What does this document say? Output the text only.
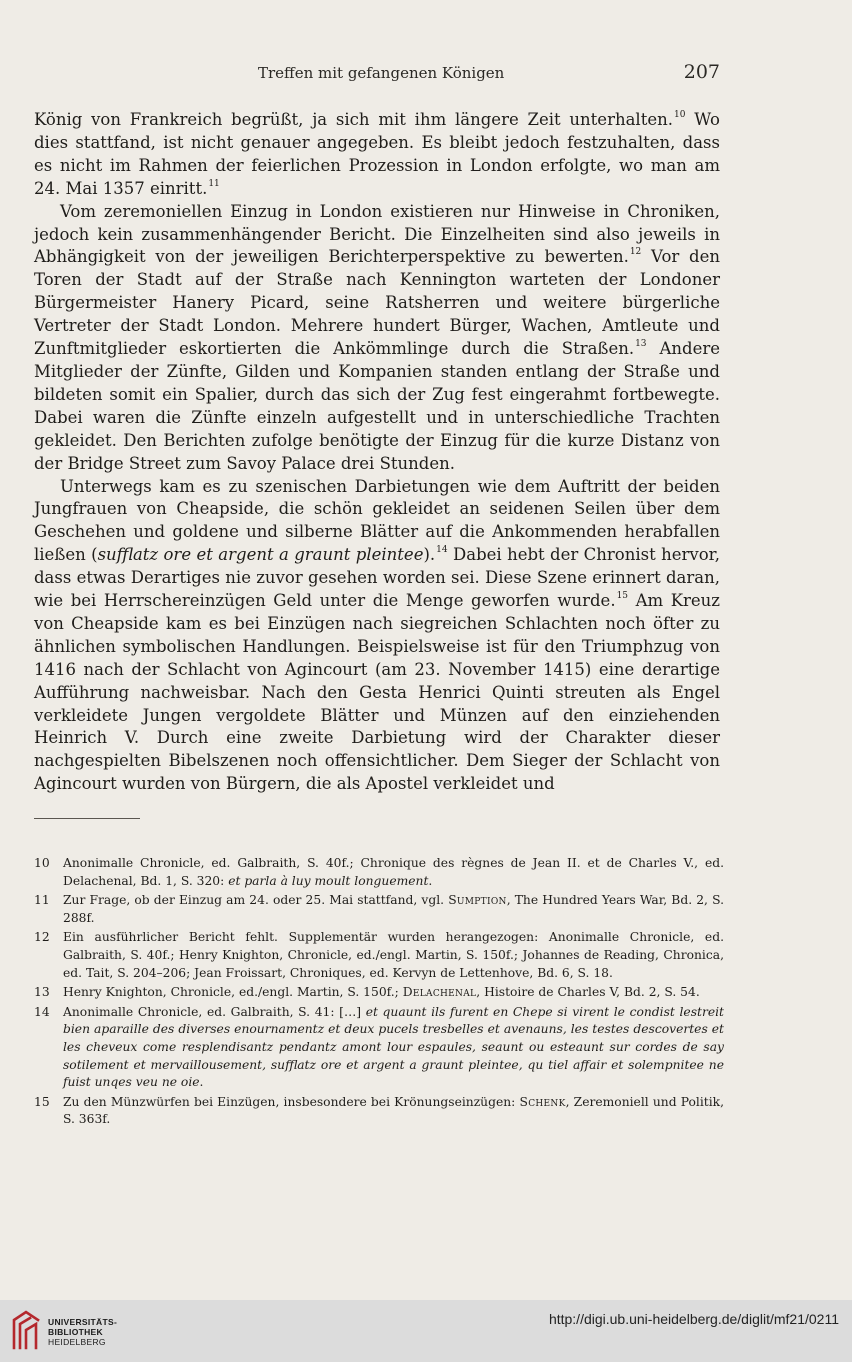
Treffen mit gefangenen Königen	207

König von Frankreich begrüßt, ja sich mit ihm längere Zeit unterhalten.$^{10}$ Wo dies stattfand, ist nicht genauer angegeben. Es bleibt jedoch festzuhalten, dass es nicht im Rahmen der feierlichen Prozession in London erfolgte, wo man am 24. Mai 1357 einritt.$^{11}$

Vom zeremoniellen Einzug in London existieren nur Hinweise in Chroniken, jedoch kein zusammenhängender Bericht. Die Einzelheiten sind also jeweils in Abhängigkeit von der jeweiligen Berichterperspektive zu bewerten.$^{12}$ Vor den Toren der Stadt auf der Straße nach Kennington warteten der Londoner Bürgermeister Hanery Picard, seine Ratsherren und weitere bürgerliche Vertreter der Stadt London. Mehrere hundert Bürger, Wachen, Amtleute und Zunftmitglieder eskortierten die Ankömmlinge durch die Straßen.$^{13}$ Andere Mitglieder der Zünfte, Gilden und Kompanien standen entlang der Straße und bildeten somit ein Spalier, durch das sich der Zug fest eingerahmt fortbewegte. Dabei waren die Zünfte einzeln aufgestellt und in unterschiedliche Trachten gekleidet. Den Berichten zufolge benötigte der Einzug für die kurze Distanz von der Bridge Street zum Savoy Palace drei Stunden.

Unterwegs kam es zu szenischen Darbietungen wie dem Auftritt der beiden Jungfrauen von Cheapside, die schön gekleidet an seidenen Seilen über dem Geschehen und goldene und silberne Blätter auf die Ankommenden herabfallen ließen (sufflatz ore et argent a graunt pleintee).$^{14}$ Dabei hebt der Chronist hervor, dass etwas Derartiges nie zuvor gesehen worden sei. Diese Szene erinnert daran, wie bei Herrschereinzügen Geld unter die Menge geworfen wurde.$^{15}$ Am Kreuz von Cheapside kam es bei Einzügen nach siegreichen Schlachten noch öfter zu ähnlichen symbolischen Handlungen. Beispielsweise ist für den Triumphzug von 1416 nach der Schlacht von Agincourt (am 23. November 1415) eine derartige Aufführung nachweisbar. Nach den Gesta Henrici Quinti streuten als Engel verkleidete Jungen vergoldete Blätter und Münzen auf den einziehenden Heinrich V. Durch eine zweite Darbietung wird der Charakter dieser nachgespielten Bibelszenen noch offensichtlicher. Dem Sieger der Schlacht von Agincourt wurden von Bürgern, die als Apostel verkleidet und

10	Anonimalle Chronicle, ed. Galbraith, S. 40f.; Chronique des règnes de Jean II. et de Charles V., ed. Delachenal, Bd. 1, S. 320: et parla à luy moult longuement.
11	Zur Frage, ob der Einzug am 24. oder 25. Mai stattfand, vgl. Sumption, The Hundred Years War, Bd. 2, S. 288f.
12	Ein ausführlicher Bericht fehlt. Supplementär wurden herangezogen: Anonimalle Chronicle, ed. Galbraith, S. 40f.; Henry Knighton, Chronicle, ed./engl. Martin, S. 150f.; Johannes de Reading, Chronica, ed. Tait, S. 204–206; Jean Froissart, Chroniques, ed. Kervyn de Lettenhove, Bd. 6, S. 18.
13	Henry Knighton, Chronicle, ed./engl. Martin, S. 150f.; Delachenal, Histoire de Charles V, Bd. 2, S. 54.
14	Anonimalle Chronicle, ed. Galbraith, S. 41: […] et quaunt ils furent en Chepe si virent le condist lestreit bien aparaille des diverses enournamentz et deux pucels tresbelles et avenauns, les testes descovertes et les cheveux come resplendisantz pendantz amont lour espaules, seaunt ou esteaunt sur cordes de say sotilement et mervaillousement, sufflatz ore et argent a graunt pleintee, qu tiel affair et solempnitee ne fuist unqes veu ne oie.
15	Zu den Münzwürfen bei Einzügen, insbesondere bei Krönungseinzügen: Schenk, Zeremoniell und Politik, S. 363f.
UNIVERSITÄTS-
BIBLIOTHEK
HEIDELBERG
http://digi.ub.uni-heidelberg.de/diglit/mf21/0211
